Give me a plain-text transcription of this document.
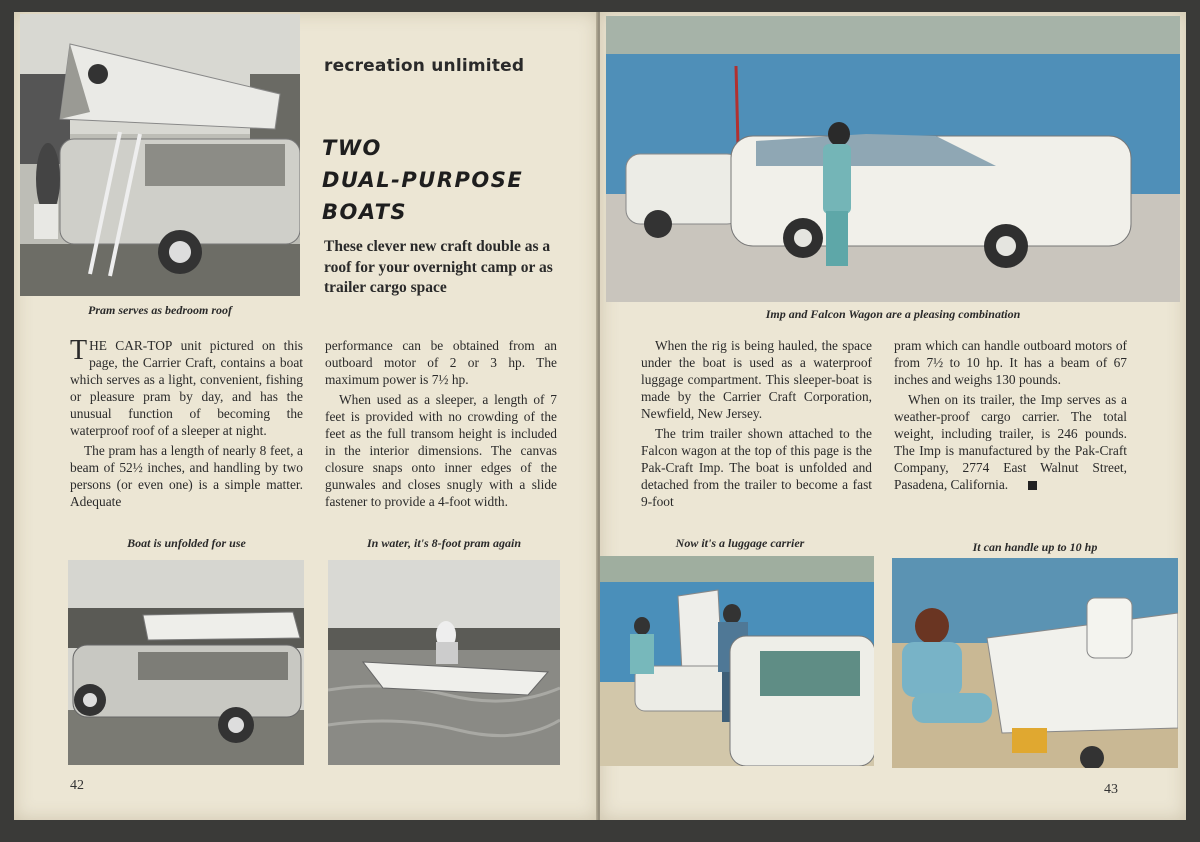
Pram serves as bedroom roof
recreation unlimited
TWO
DUAL-PURPOSE
BOATS
These clever new craft double as a roof for your overnight camp or as trailer cargo space

THE CAR-TOP unit pictured on this page, the Carrier Craft, contains a boat which serves as a light, convenient, fishing or pleasure pram by day, and has the unusual function of becoming the waterproof roof of a sleeper at night.

The pram has a length of nearly 8 feet, a beam of 52½ inches, and handling by two persons (or even one) is a simple matter. Adequate

performance can be obtained from an outboard motor of 2 or 3 hp. The maximum power is 7½ hp.

When used as a sleeper, a length of 7 feet is provided with no crowding of the feet as the full transom height is included in the interior dimensions. The canvas closure snaps onto inner edges of the gunwales and closes snugly with a slide fastener to provide a 4-foot width.

Boat is unfolded for use	In water, it's 8-foot pram again
42
Imp and Falcon Wagon are a pleasing combination

When the rig is being hauled, the space under the boat is used as a waterproof luggage compartment. This sleeper-boat is made by the Carrier Craft Corporation, Newfield, New Jersey.

The trim trailer shown attached to the Falcon wagon at the top of this page is the Pak-Craft Imp. The boat is unfolded and detached from the trailer to become a fast 9-foot

pram which can handle outboard motors of from 7½ to 10 hp. It has a beam of 67 inches and weighs 130 pounds.

When on its trailer, the Imp serves as a weather-proof cargo carrier. The total weight, including trailer, is 246 pounds. The Imp is manufactured by the Pak-Craft Company, 2774 East Walnut Street, Pasadena, California.

Now it's a luggage carrier	It can handle up to 10 hp
43
